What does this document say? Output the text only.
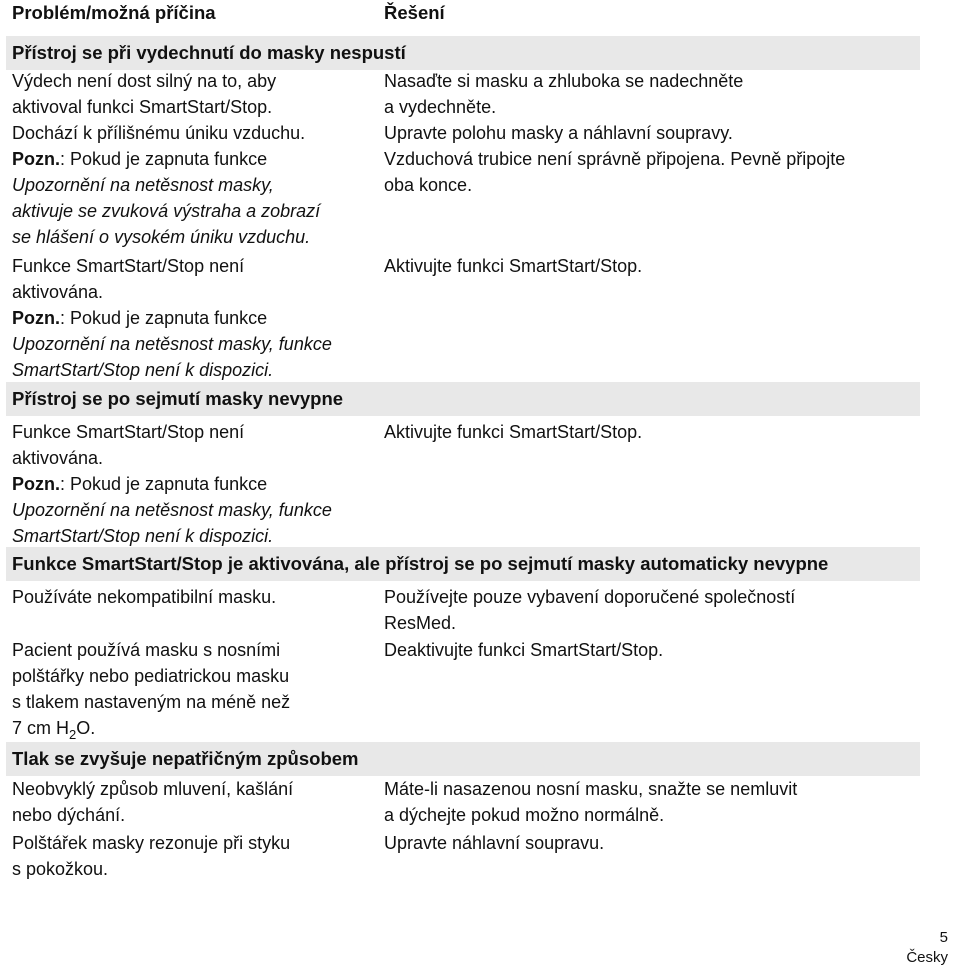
Problém/možná příčina	Řešení
Přístroj se při vydechnutí do masky nespustí
Výdech není dost silný na to, aby
aktivoval funkci SmartStart/Stop.
Nasaďte si masku a zhluboka se nadechněte
a vydechněte.
Dochází k přílišnému úniku vzduchu.
Pozn.: Pokud je zapnuta funkce
Upozornění na netěsnost masky,
aktivuje se zvuková výstraha a zobrazí
se hlášení o vysokém úniku vzduchu.
Upravte polohu masky a náhlavní soupravy.
Vzduchová trubice není správně připojena. Pevně připojte
oba konce.
Funkce SmartStart/Stop není
aktivována.
Pozn.: Pokud je zapnuta funkce
Upozornění na netěsnost masky, funkce
SmartStart/Stop není k dispozici.
Aktivujte funkci SmartStart/Stop.
Přístroj se po sejmutí masky nevypne
Funkce SmartStart/Stop není
aktivována.
Pozn.: Pokud je zapnuta funkce
Upozornění na netěsnost masky, funkce
SmartStart/Stop není k dispozici.
Aktivujte funkci SmartStart/Stop.
Funkce SmartStart/Stop je aktivována, ale přístroj se po sejmutí masky automaticky nevypne
Používáte nekompatibilní masku.	Používejte pouze vybavení doporučené společností
ResMed.
Pacient používá masku s nosními
polštářky nebo pediatrickou masku
s tlakem nastaveným na méně než
7 cm $H_2O$.
Deaktivujte funkci SmartStart/Stop.
Tlak se zvyšuje nepatřičným způsobem
Neobvyklý způsob mluvení, kašlání
nebo dýchání.
Máte-li nasazenou nosní masku, snažte se nemluvit
a dýchejte pokud možno normálně.
Polštářek masky rezonuje při styku
s pokožkou.
Upravte náhlavní soupravu.
5
Česky
